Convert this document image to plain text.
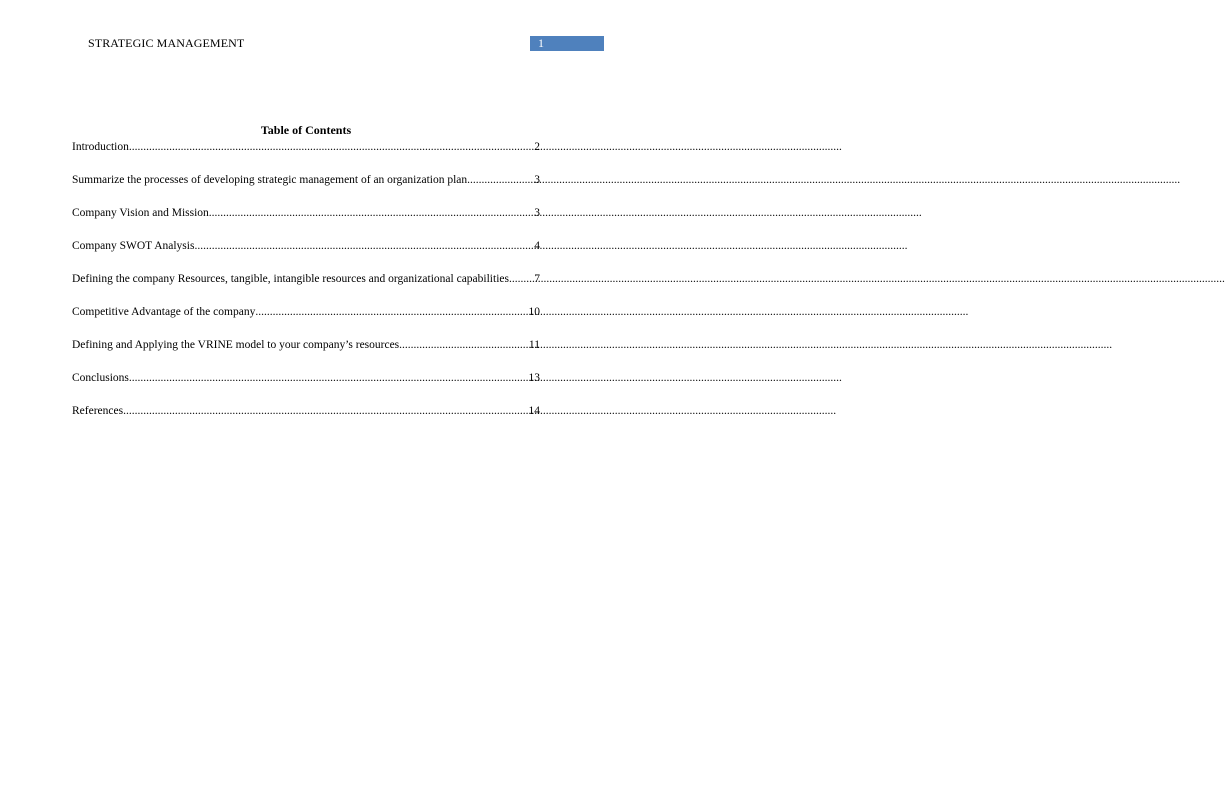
STRATEGIC MANAGEMENT	1
Table of Contents
Introduction .....	2
Summarize the processes of developing strategic management of an organization plan .....	3
Company Vision and Mission .....	3
Company SWOT Analysis .....	4
Defining the company Resources, tangible, intangible resources and organizational capabilities. ..... 7
Competitive Advantage of the company .....	10
Defining and Applying the VRINE model to your company’s resources .....	11
Conclusions .....	13
References .....	14
